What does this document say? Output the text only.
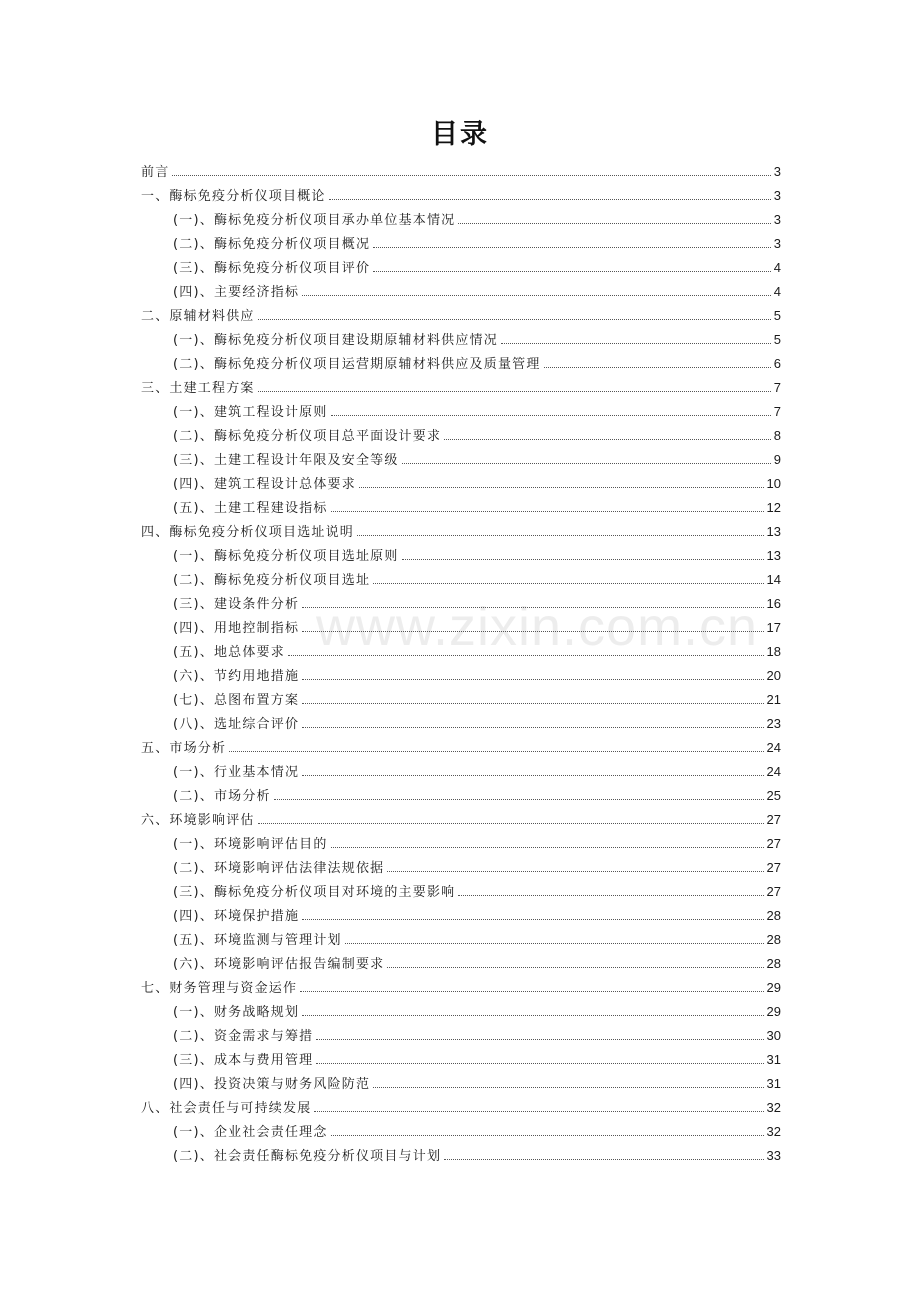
www.zixin.com.cn
目录
前言	3
一、酶标免疫分析仪项目概论	3
(一)、酶标免疫分析仪项目承办单位基本情况	3
(二)、酶标免疫分析仪项目概况	3
(三)、酶标免疫分析仪项目评价	4
(四)、主要经济指标	4
二、原辅材料供应	5
(一)、酶标免疫分析仪项目建设期原辅材料供应情况	5
(二)、酶标免疫分析仪项目运营期原辅材料供应及质量管理	6
三、土建工程方案	7
(一)、建筑工程设计原则	7
(二)、酶标免疫分析仪项目总平面设计要求	8
(三)、土建工程设计年限及安全等级	9
(四)、建筑工程设计总体要求	10
(五)、土建工程建设指标	12
四、酶标免疫分析仪项目选址说明	13
(一)、酶标免疫分析仪项目选址原则	13
(二)、酶标免疫分析仪项目选址	14
(三)、建设条件分析	16
(四)、用地控制指标	17
(五)、地总体要求	18
(六)、节约用地措施	20
(七)、总图布置方案	21
(八)、选址综合评价	23
五、市场分析	24
(一)、行业基本情况	24
(二)、市场分析	25
六、环境影响评估	27
(一)、环境影响评估目的	27
(二)、环境影响评估法律法规依据	27
(三)、酶标免疫分析仪项目对环境的主要影响	27
(四)、环境保护措施	28
(五)、环境监测与管理计划	28
(六)、环境影响评估报告编制要求	28
七、财务管理与资金运作	29
(一)、财务战略规划	29
(二)、资金需求与筹措	30
(三)、成本与费用管理	31
(四)、投资决策与财务风险防范	31
八、社会责任与可持续发展	32
(一)、企业社会责任理念	32
(二)、社会责任酶标免疫分析仪项目与计划	33
